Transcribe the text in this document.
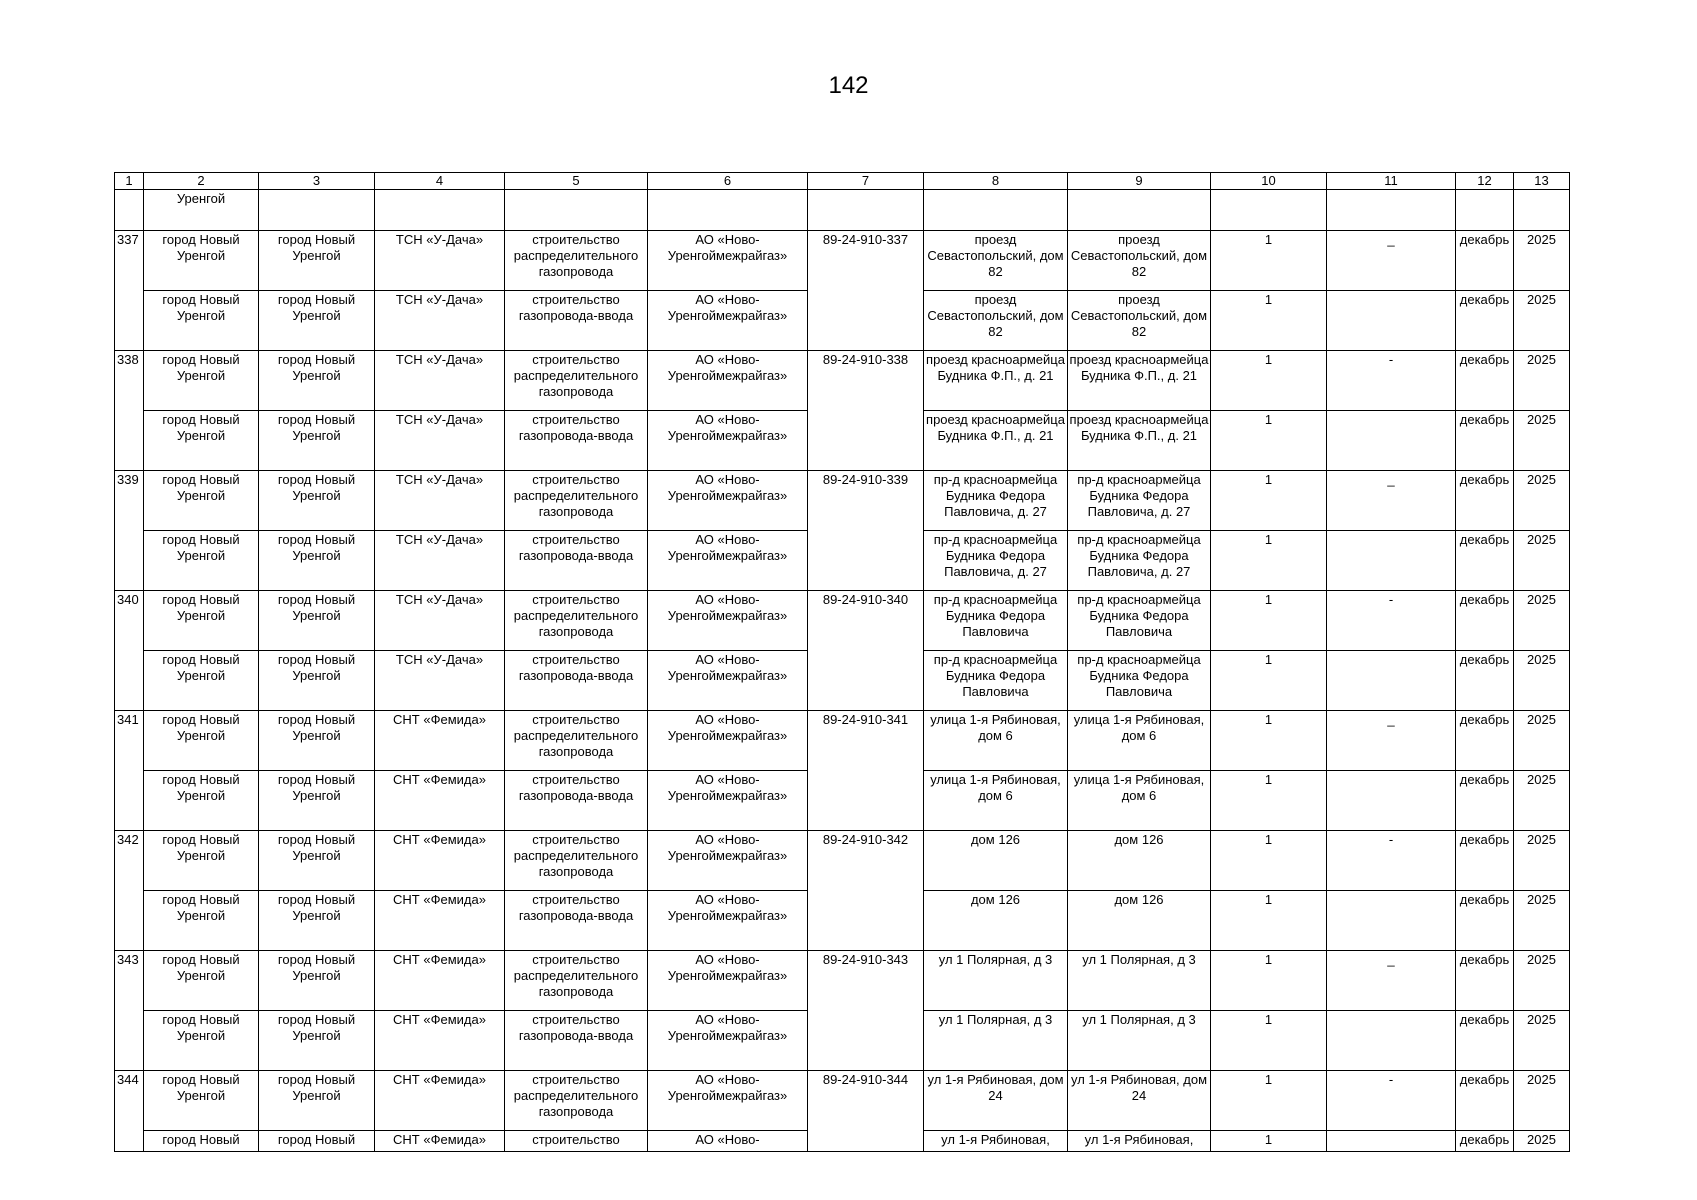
142
1	2	3	4	5	6	7	8	9	10	11	12	13
	Уренгой											
337	город Новый Уренгой	город Новый Уренгой	ТСН «У-Дача»	строительство распределительного газопровода	АО «Ново-Уренгоймежрайгаз»	89-24-910-337	проезд Севастопольский, дом 82	проезд Севастопольский, дом 82	1	_	декабрь	2025
	город Новый Уренгой	город Новый Уренгой	ТСН «У-Дача»	строительство газопровода-ввода	АО «Ново-Уренгоймежрайгаз»		проезд Севастопольский, дом 82	проезд Севастопольский, дом 82	1		декабрь	2025
338	город Новый Уренгой	город Новый Уренгой	ТСН «У-Дача»	строительство распределительного газопровода	АО «Ново-Уренгоймежрайгаз»	89-24-910-338	проезд красноармейца Будника Ф.П., д. 21	проезд красноармейца Будника Ф.П., д. 21	1	-	декабрь	2025
	город Новый Уренгой	город Новый Уренгой	ТСН «У-Дача»	строительство газопровода-ввода	АО «Ново-Уренгоймежрайгаз»		проезд красноармейца Будника Ф.П., д. 21	проезд красноармейца Будника Ф.П., д. 21	1		декабрь	2025
339	город Новый Уренгой	город Новый Уренгой	ТСН «У-Дача»	строительство распределительного газопровода	АО «Ново-Уренгоймежрайгаз»	89-24-910-339	пр-д красноармейца Будника Федора Павловича, д. 27	пр-д красноармейца Будника Федора Павловича, д. 27	1	_	декабрь	2025
	город Новый Уренгой	город Новый Уренгой	ТСН «У-Дача»	строительство газопровода-ввода	АО «Ново-Уренгоймежрайгаз»		пр-д красноармейца Будника Федора Павловича, д. 27	пр-д красноармейца Будника Федора Павловича, д. 27	1		декабрь	2025
340	город Новый Уренгой	город Новый Уренгой	ТСН «У-Дача»	строительство распределительного газопровода	АО «Ново-Уренгоймежрайгаз»	89-24-910-340	пр-д красноармейца Будника Федора Павловича	пр-д красноармейца Будника Федора Павловича	1	-	декабрь	2025
	город Новый Уренгой	город Новый Уренгой	ТСН «У-Дача»	строительство газопровода-ввода	АО «Ново-Уренгоймежрайгаз»		пр-д красноармейца Будника Федора Павловича	пр-д красноармейца Будника Федора Павловича	1		декабрь	2025
341	город Новый Уренгой	город Новый Уренгой	СНТ «Фемида»	строительство распределительного газопровода	АО «Ново-Уренгоймежрайгаз»	89-24-910-341	улица 1-я Рябиновая, дом 6	улица 1-я Рябиновая, дом 6	1	_	декабрь	2025
	город Новый Уренгой	город Новый Уренгой	СНТ «Фемида»	строительство газопровода-ввода	АО «Ново-Уренгоймежрайгаз»		улица 1-я Рябиновая, дом 6	улица 1-я Рябиновая, дом 6	1		декабрь	2025
342	город Новый Уренгой	город Новый Уренгой	СНТ «Фемида»	строительство распределительного газопровода	АО «Ново-Уренгоймежрайгаз»	89-24-910-342	дом 126	дом 126	1	-	декабрь	2025
	город Новый Уренгой	город Новый Уренгой	СНТ «Фемида»	строительство газопровода-ввода	АО «Ново-Уренгоймежрайгаз»		дом 126	дом 126	1		декабрь	2025
343	город Новый Уренгой	город Новый Уренгой	СНТ «Фемида»	строительство распределительного газопровода	АО «Ново-Уренгоймежрайгаз»	89-24-910-343	ул 1 Полярная, д 3	ул 1 Полярная, д 3	1	_	декабрь	2025
	город Новый Уренгой	город Новый Уренгой	СНТ «Фемида»	строительство газопровода-ввода	АО «Ново-Уренгоймежрайгаз»		ул 1 Полярная, д 3	ул 1 Полярная, д 3	1		декабрь	2025
344	город Новый Уренгой	город Новый Уренгой	СНТ «Фемида»	строительство распределительного газопровода	АО «Ново-Уренгоймежрайгаз»	89-24-910-344	ул 1-я Рябиновая, дом 24	ул 1-я Рябиновая, дом 24	1	-	декабрь	2025
	город Новый	город Новый	СНТ «Фемида»	строительство	АО «Ново-		ул 1-я Рябиновая,	ул 1-я Рябиновая,	1		декабрь	2025
